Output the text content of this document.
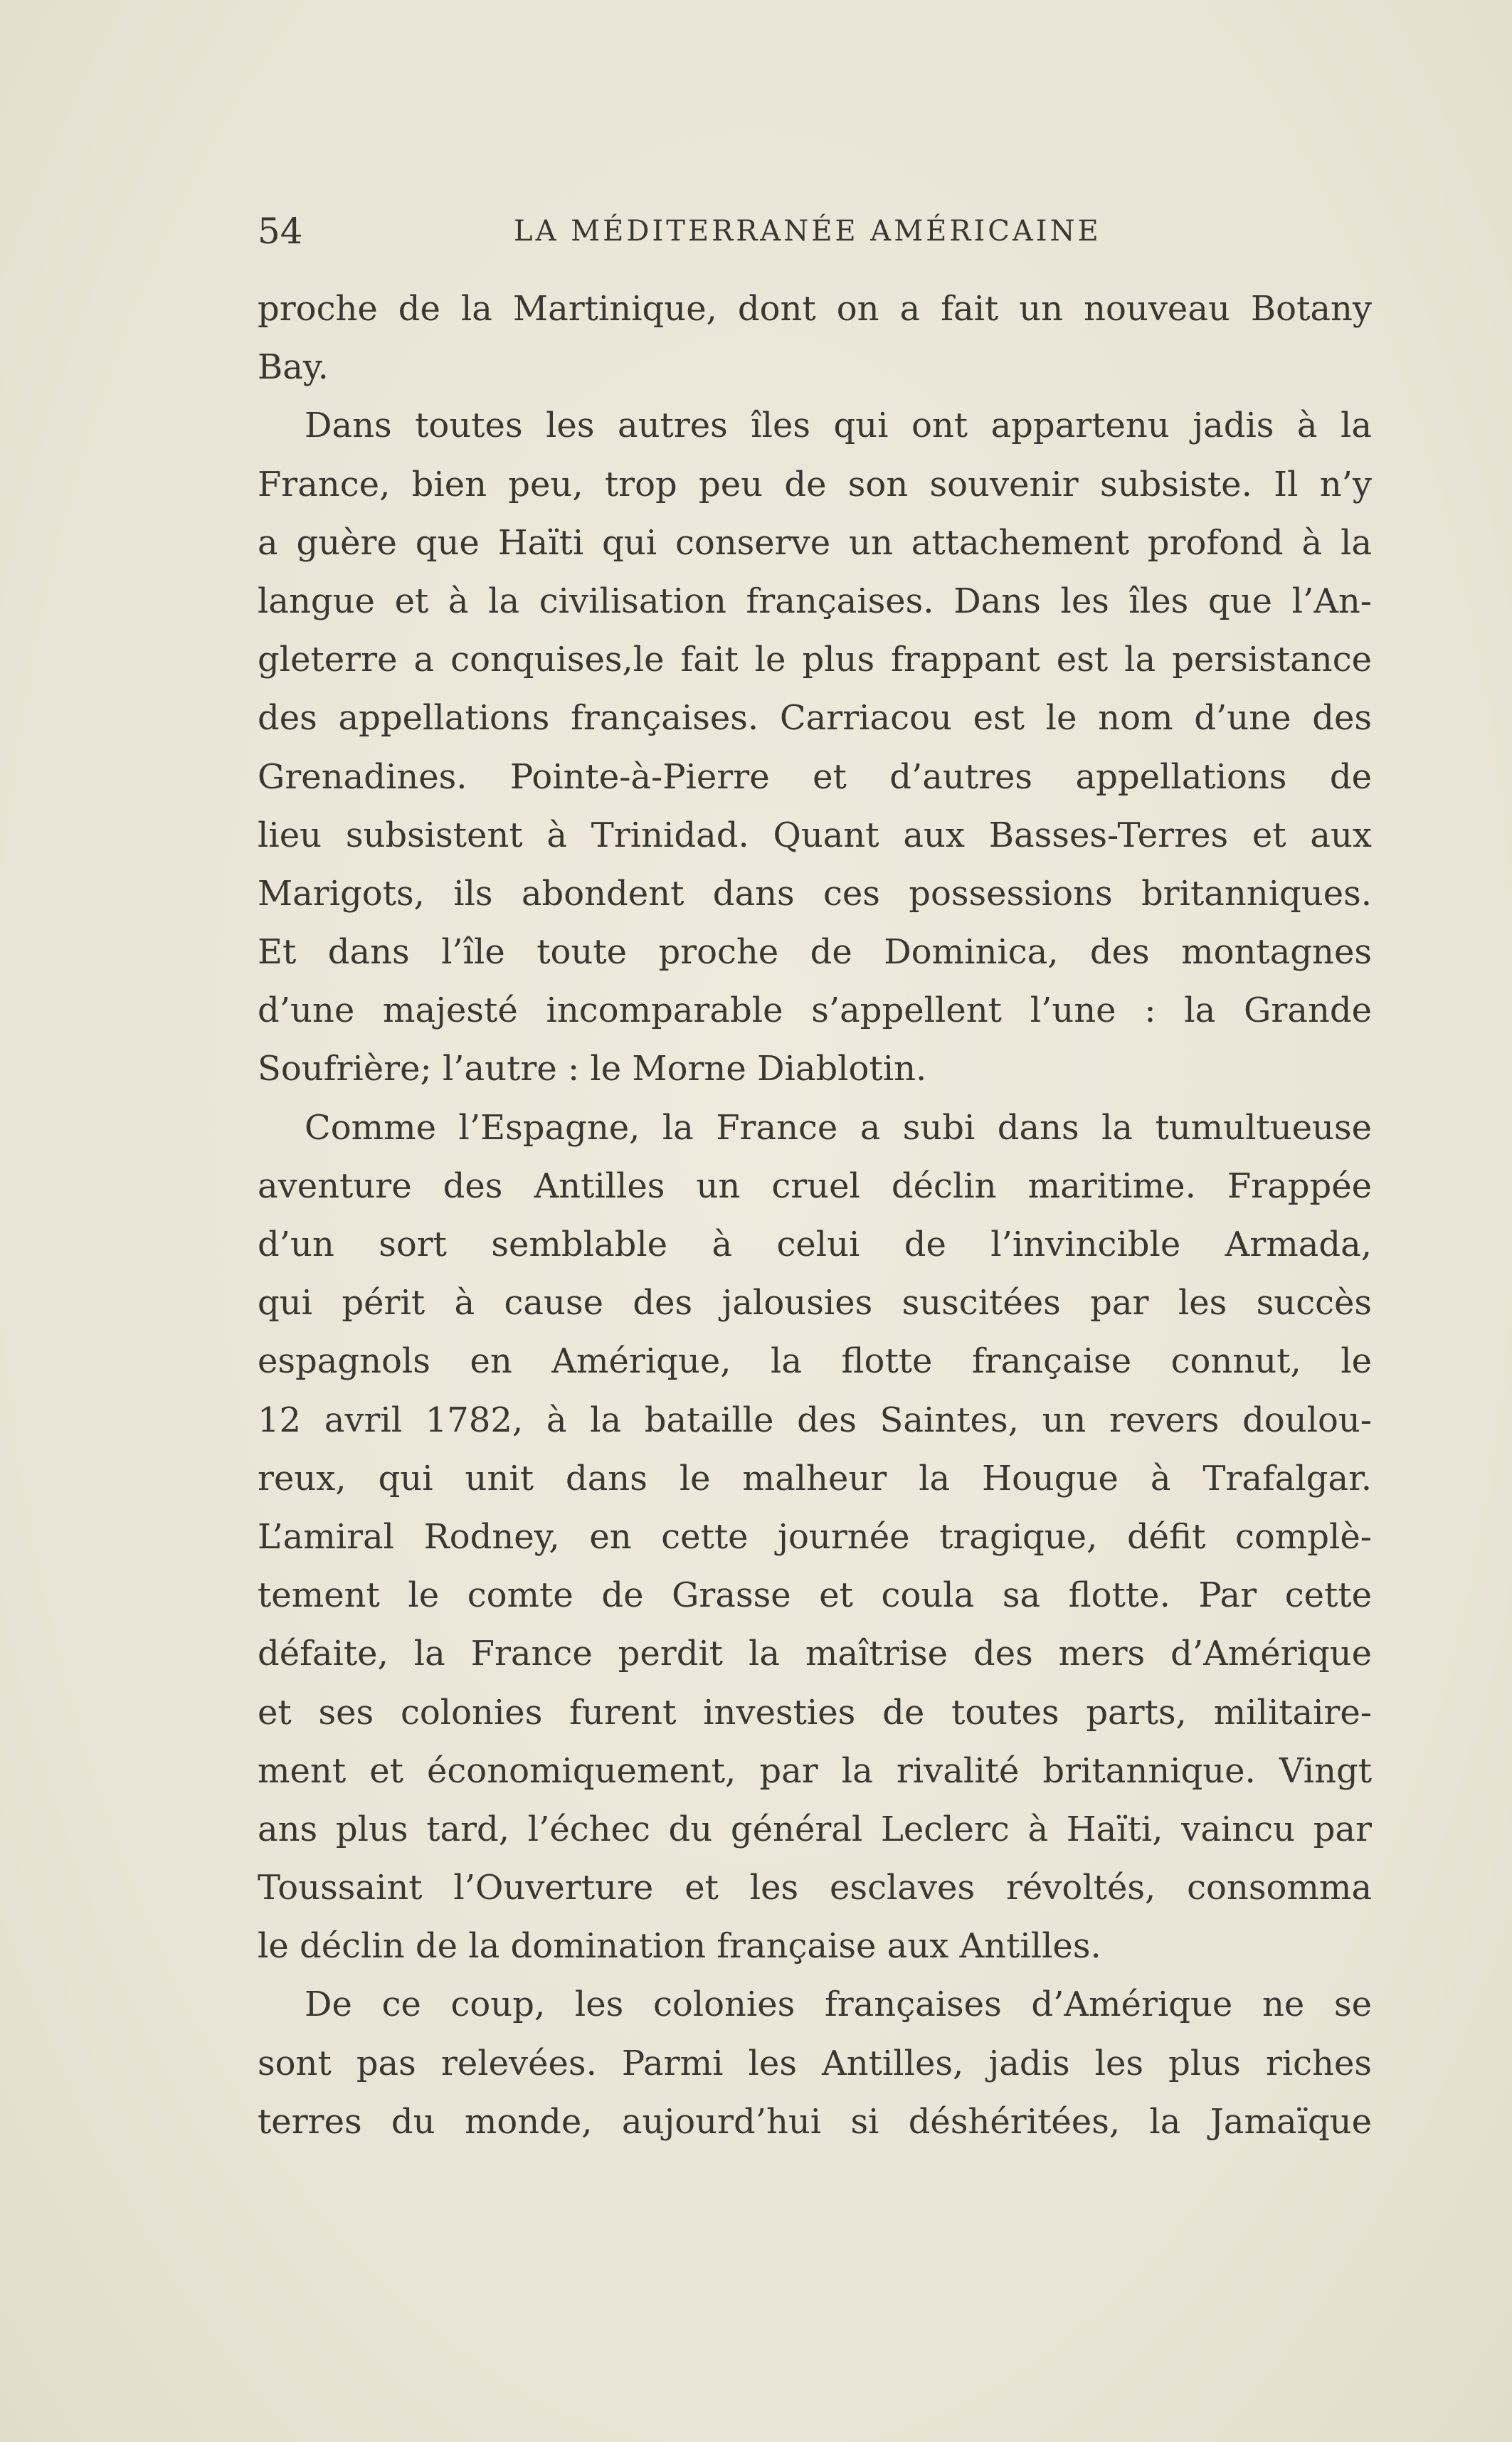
54	LA MÉDITERRANÉE AMÉRICAINE
proche de la Martinique, dont on a fait un nouveau Botany
Bay.
Dans toutes les autres îles qui ont appartenu jadis à la
France, bien peu, trop peu de son souvenir subsiste. Il n’y
a guère que Haïti qui conserve un attachement profond à la
langue et à la civilisation françaises. Dans les îles que l’An-
gleterre a conquises,le fait le plus frappant est la persistance
des appellations françaises. Carriacou est le nom d’une des
Grenadines. Pointe-à-Pierre et d’autres appellations de
lieu subsistent à Trinidad. Quant aux Basses-Terres et aux
Marigots, ils abondent dans ces possessions britanniques.
Et dans l’île toute proche de Dominica, des montagnes
d’une majesté incomparable s’appellent l’une : la Grande
Soufrière; l’autre : le Morne Diablotin.
Comme l’Espagne, la France a subi dans la tumultueuse
aventure des Antilles un cruel déclin maritime. Frappée
d’un sort semblable à celui de l’invincible Armada,
qui périt à cause des jalousies suscitées par les succès
espagnols en Amérique, la flotte française connut, le
12 avril 1782, à la bataille des Saintes, un revers doulou-
reux, qui unit dans le malheur la Hougue à Trafalgar.
L’amiral Rodney, en cette journée tragique, défit complè-
tement le comte de Grasse et coula sa flotte. Par cette
défaite, la France perdit la maîtrise des mers d’Amérique
et ses colonies furent investies de toutes parts, militaire-
ment et économiquement, par la rivalité britannique. Vingt
ans plus tard, l’échec du général Leclerc à Haïti, vaincu par
Toussaint l’Ouverture et les esclaves révoltés, consomma
le déclin de la domination française aux Antilles.
De ce coup, les colonies françaises d’Amérique ne se
sont pas relevées. Parmi les Antilles, jadis les plus riches
terres du monde, aujourd’hui si déshéritées, la Jamaïque
